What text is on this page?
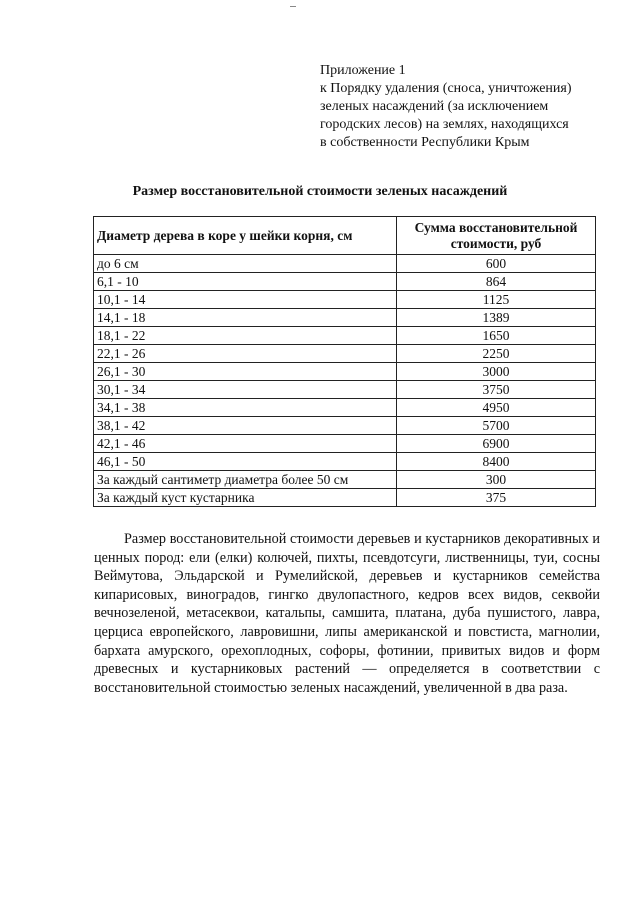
Приложение 1
к Порядку удаления (сноса, уничтожения)
зеленых насаждений (за исключением
городских лесов) на землях, находящихся
в собственности Республики Крым
Размер восстановительной стоимости зеленых насаждений
Диаметр дерева в коре у шейки корня, см	Сумма восстановительной стоимости, руб
до 6 см	600
6,1 - 10	864
10,1 - 14	1125
14,1 - 18	1389
18,1 - 22	1650
22,1 - 26	2250
26,1 - 30	3000
30,1 - 34	3750
34,1 - 38	4950
38,1 - 42	5700
42,1 - 46	6900
46,1 - 50	8400
За каждый сантиметр диаметра более 50 см	300
За каждый куст кустарника	375

Размер восстановительной стоимости деревьев и кустарников декоративных и ценных пород: ели (елки) колючей, пихты, псевдотсуги, лиственницы, туи, сосны Веймутова, Эльдарской и Румелийской, деревьев и кустарников семейства кипарисовых, виноградов, гингко двулопастного, кедров всех видов, секвойи вечнозеленой, метасеквои, катальпы, самшита, платана, дуба пушистого, лавра, церциса европейского, лавровишни, липы американской и повстиста, магнолии, бархата амурского, орехоплодных, софоры, фотинии, привитых видов и форм древесных и кустарниковых растений — определяется в соответствии с восстановительной стоимостью зеленых насаждений, увеличенной в два раза.
